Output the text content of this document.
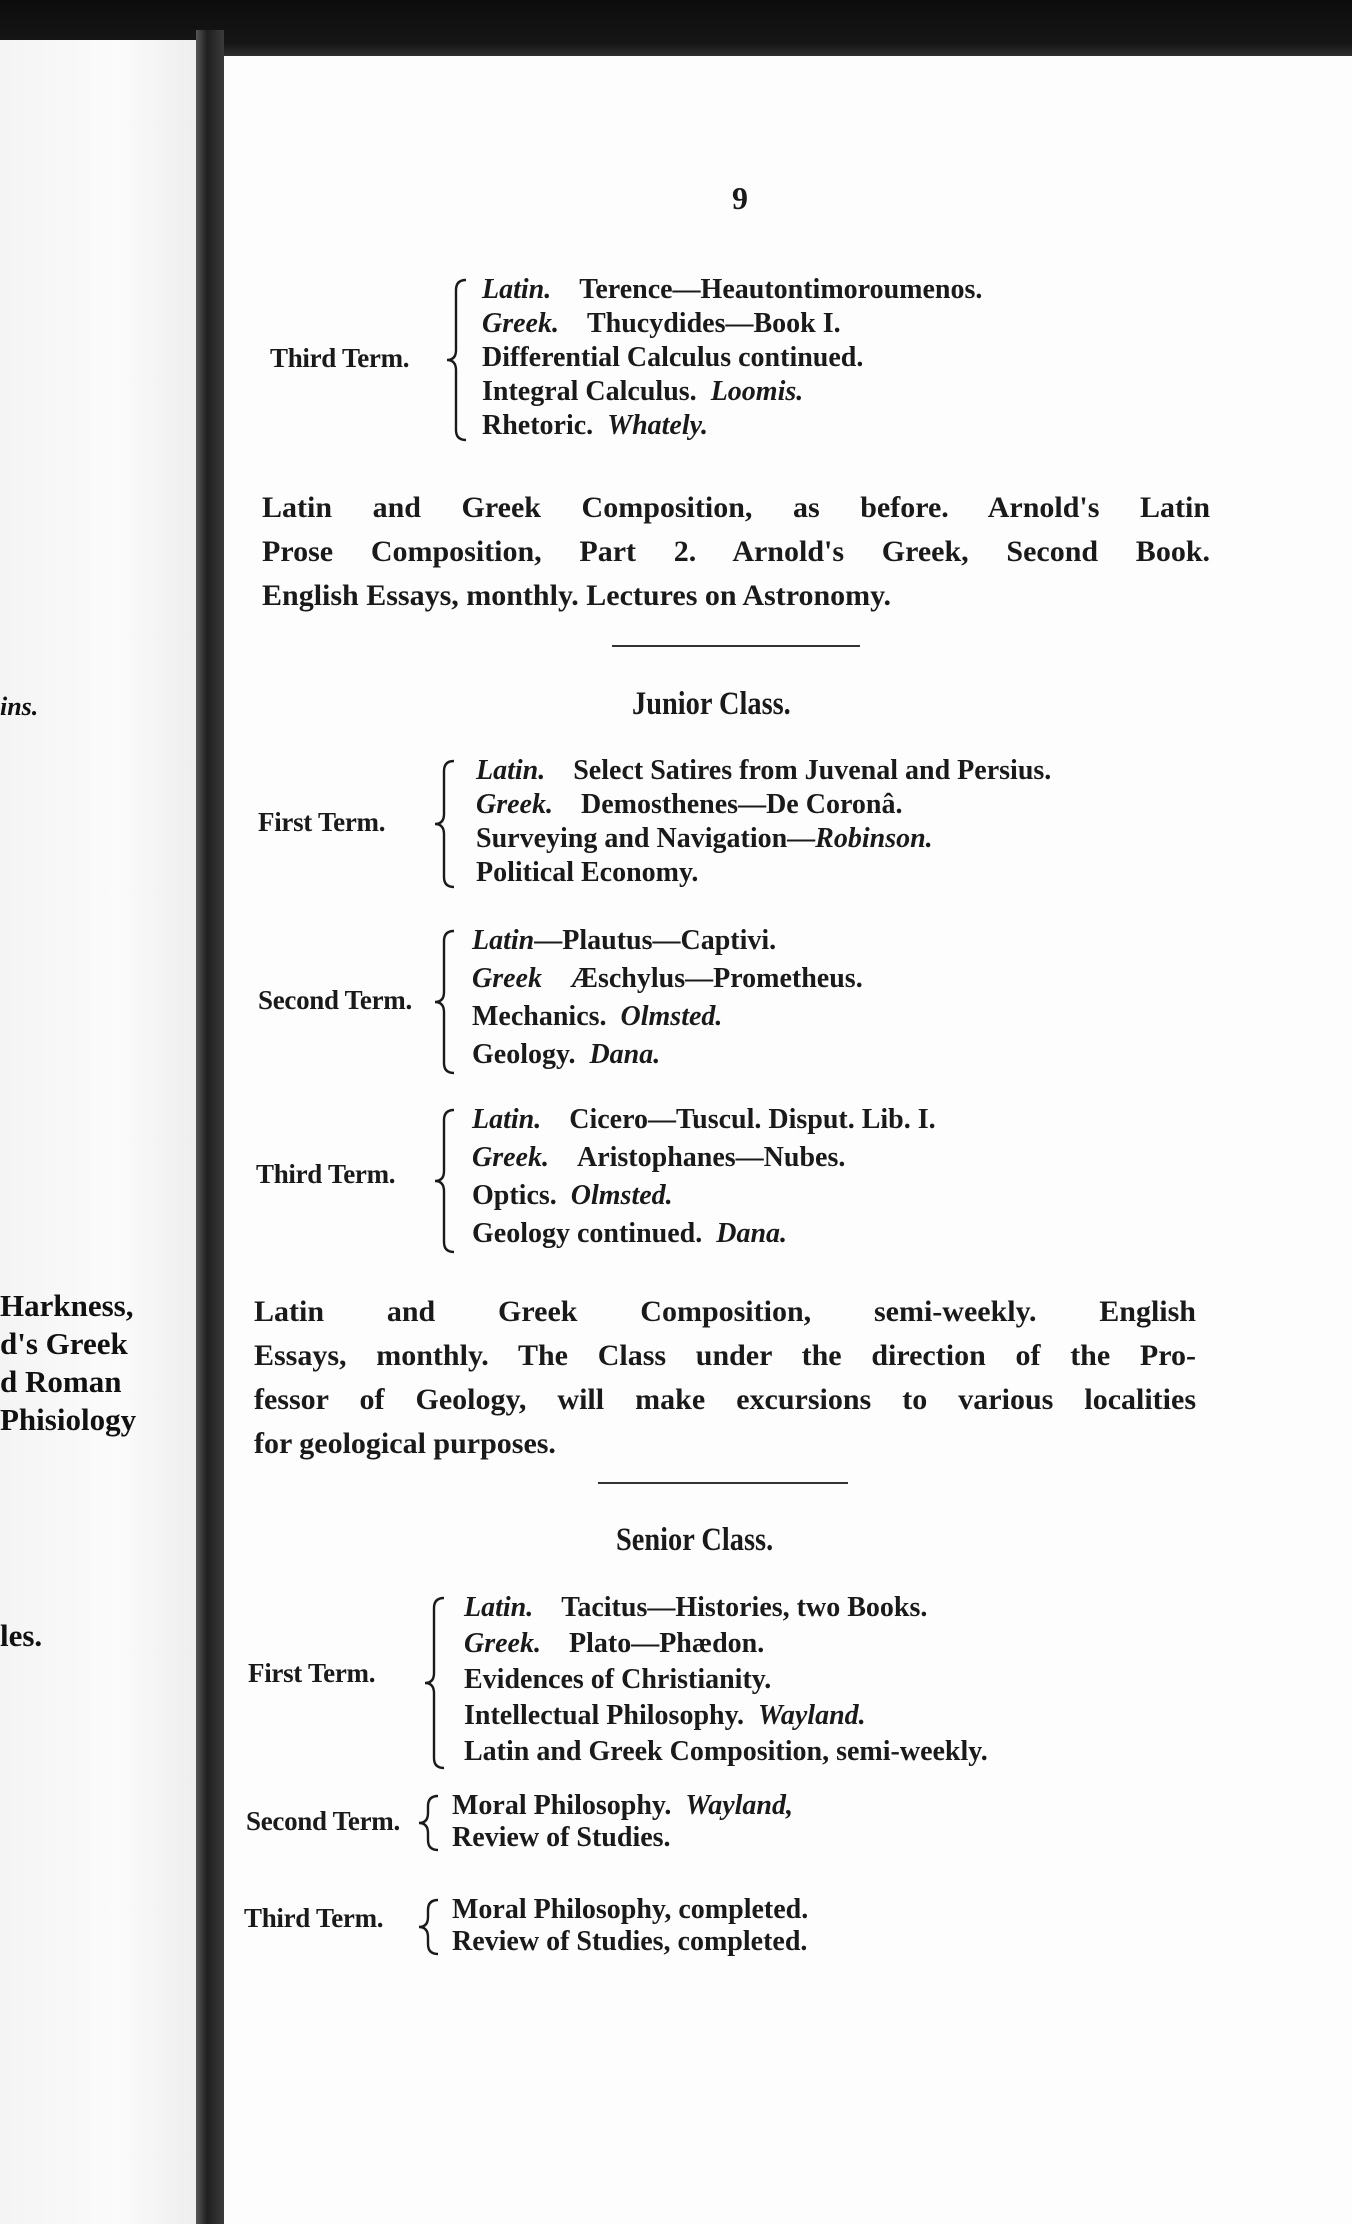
ins.
Harkness,
d's Greek
d Roman
Phisiology
les.
9
Third Term.
Latin.  Terence—Heautontimoroumenos.
Greek.  Thucydides—Book I.
Differential Calculus continued.
Integral Calculus.  Loomis.
Rhetoric.  Whately.
Latin and Greek Composition, as before. Arnold's Latin
Prose Composition, Part 2. Arnold's Greek, Second Book.
English Essays, monthly. Lectures on Astronomy.
Junior Class.
First Term.
Latin.  Select Satires from Juvenal and Persius.
Greek.  Demosthenes—De Coronâ.
Surveying and Navigation—Robinson.
Political Economy.
Second Term.
Latin—Plautus—Captivi.
Greek  Æschylus—Prometheus.
Mechanics.  Olmsted.
Geology.  Dana.
Third Term.
Latin.  Cicero—Tuscul. Disput. Lib. I.
Greek.  Aristophanes—Nubes.
Optics.  Olmsted.
Geology continued.  Dana.
Latin and Greek Composition, semi-weekly. English
Essays, monthly. The Class under the direction of the Pro-
fessor of Geology, will make excursions to various localities
for geological purposes.
Senior Class.
First Term.
Latin.  Tacitus—Histories, two Books.
Greek.  Plato—Phædon.
Evidences of Christianity.
Intellectual Philosophy.  Wayland.
Latin and Greek Composition, semi-weekly.
Second Term. Moral Philosophy.  Wayland,
Review of Studies.
Third Term. Moral Philosophy, completed.
Review of Studies, completed.
